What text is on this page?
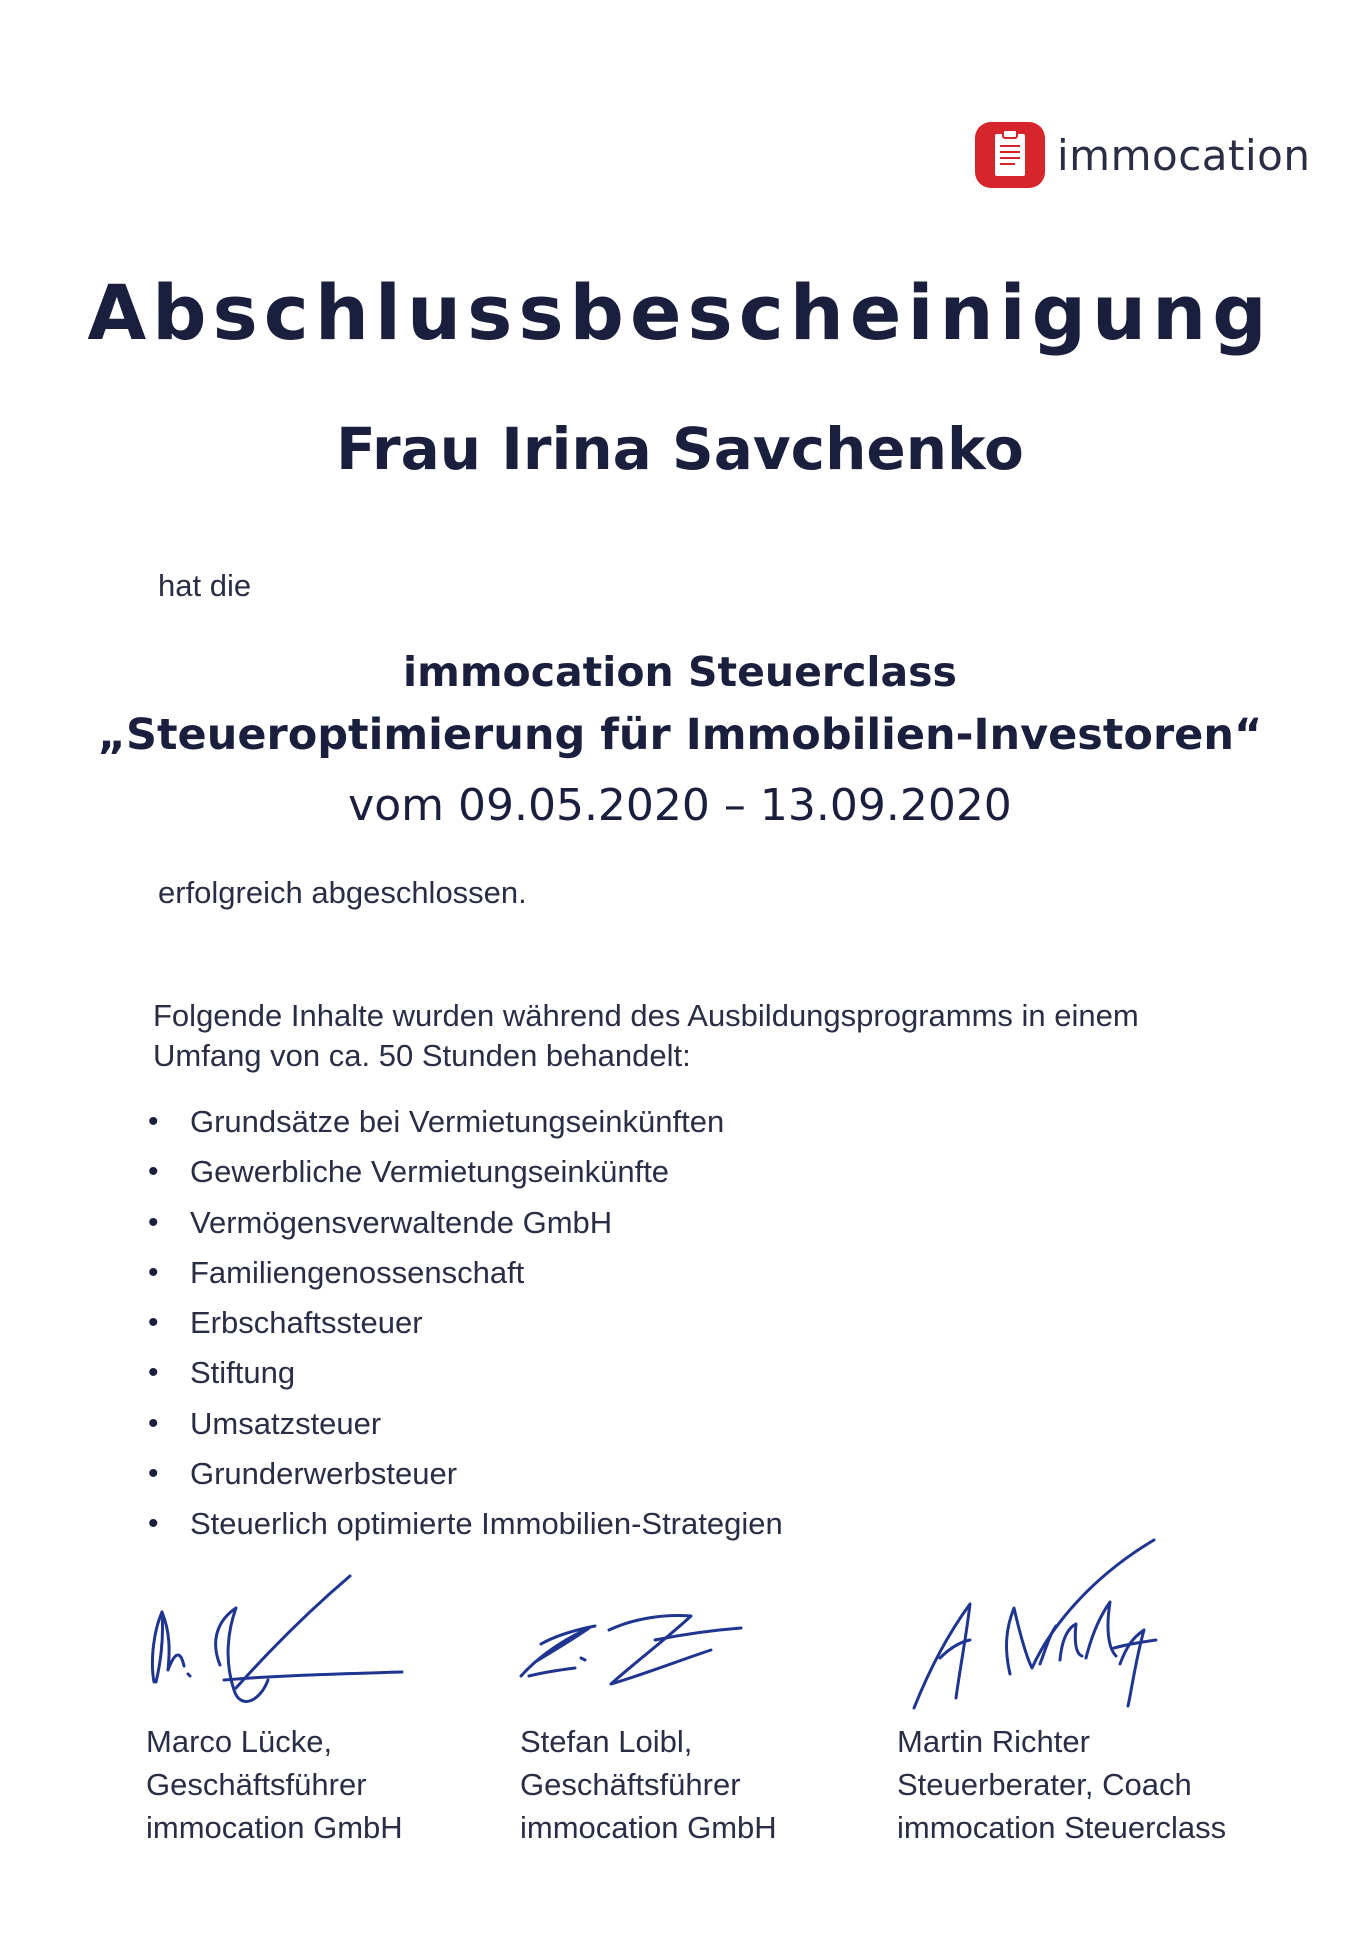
immocation
Abschlussbescheinigung
Frau Irina Savchenko
hat die
immocation Steuerclass
„Steueroptimierung für Immobilien-Investoren“
vom 09.05.2020 – 13.09.2020
erfolgreich abgeschlossen.
Folgende Inhalte wurden während des Ausbildungsprogramms in einem
Umfang von ca. 50 Stunden behandelt:
• Grundsätze bei Vermietungseinkünften
• Gewerbliche Vermietungseinkünfte
• Vermögensverwaltende GmbH
• Familiengenossenschaft
• Erbschaftssteuer
• Stiftung
• Umsatzsteuer
• Grunderwerbsteuer
• Steuerlich optimierte Immobilien-Strategien
Marco Lücke,
Geschäftsführer
immocation GmbH
Stefan Loibl,
Geschäftsführer
immocation GmbH
Martin Richter
Steuerberater, Coach
immocation Steuerclass
